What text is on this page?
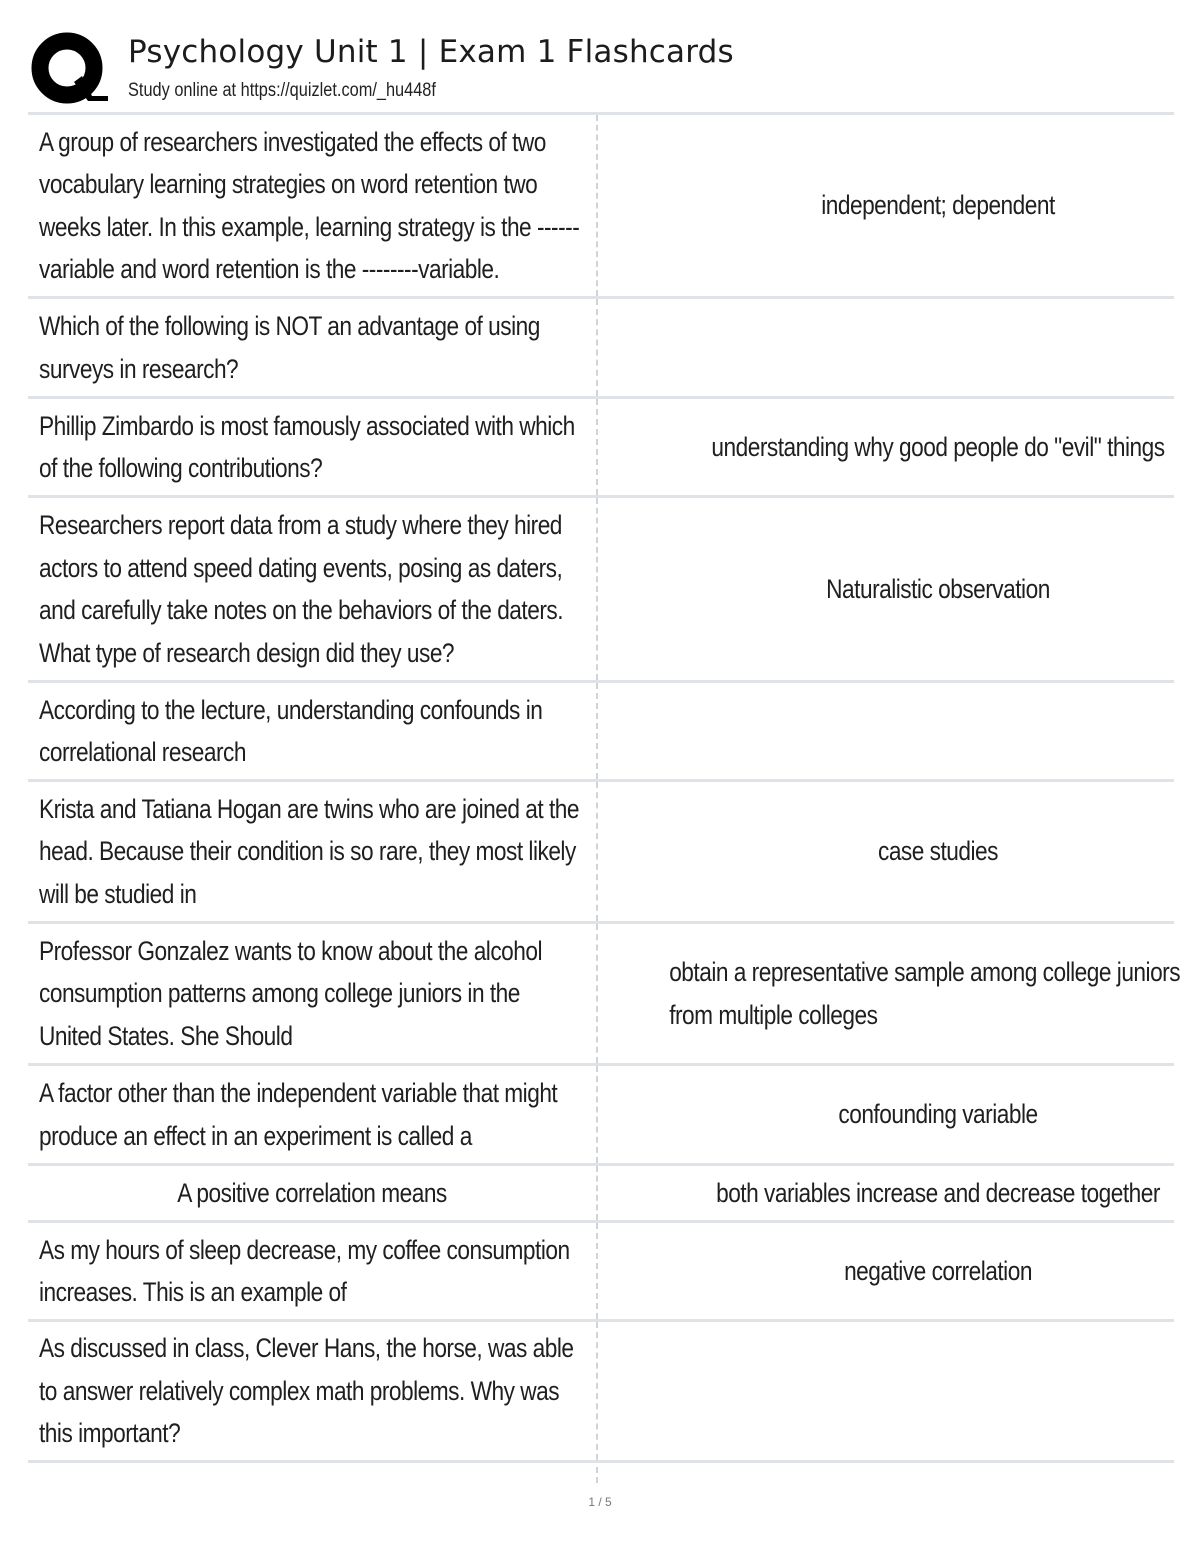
Psychology Unit 1 | Exam 1 Flashcards
Study online at https://quizlet.com/_hu448f
A group of researchers investigated the effects of two vocabulary learning strategies on word retention two weeks later. In this example, learning strategy is the ------ variable and word retention is the --------variable.
independent; dependent
Which of the following is NOT an advantage of using surveys in research?
Phillip Zimbardo is most famously associated with which of the following contributions?
understanding why good people do "evil" things
Researchers report data from a study where they hired actors to attend speed dating events, posing as daters, and carefully take notes on the behaviors of the daters. What type of research design did they use?
Naturalistic observation
According to the lecture, understanding confounds in correlational research
Krista and Tatiana Hogan are twins who are joined at the head. Because their condition is so rare, they most likely will be studied in
case studies
Professor Gonzalez wants to know about the alcohol consumption patterns among college juniors in the United States. She Should
obtain a representative sample among college juniors from multiple colleges
A factor other than the independent variable that might produce an effect in an experiment is called a
confounding variable
A positive correlation means	both variables increase and decrease together
As my hours of sleep decrease, my coffee consumption increases. This is an example of
negative correlation
As discussed in class, Clever Hans, the horse, was able to answer relatively complex math problems. Why was this important?
1 / 5
